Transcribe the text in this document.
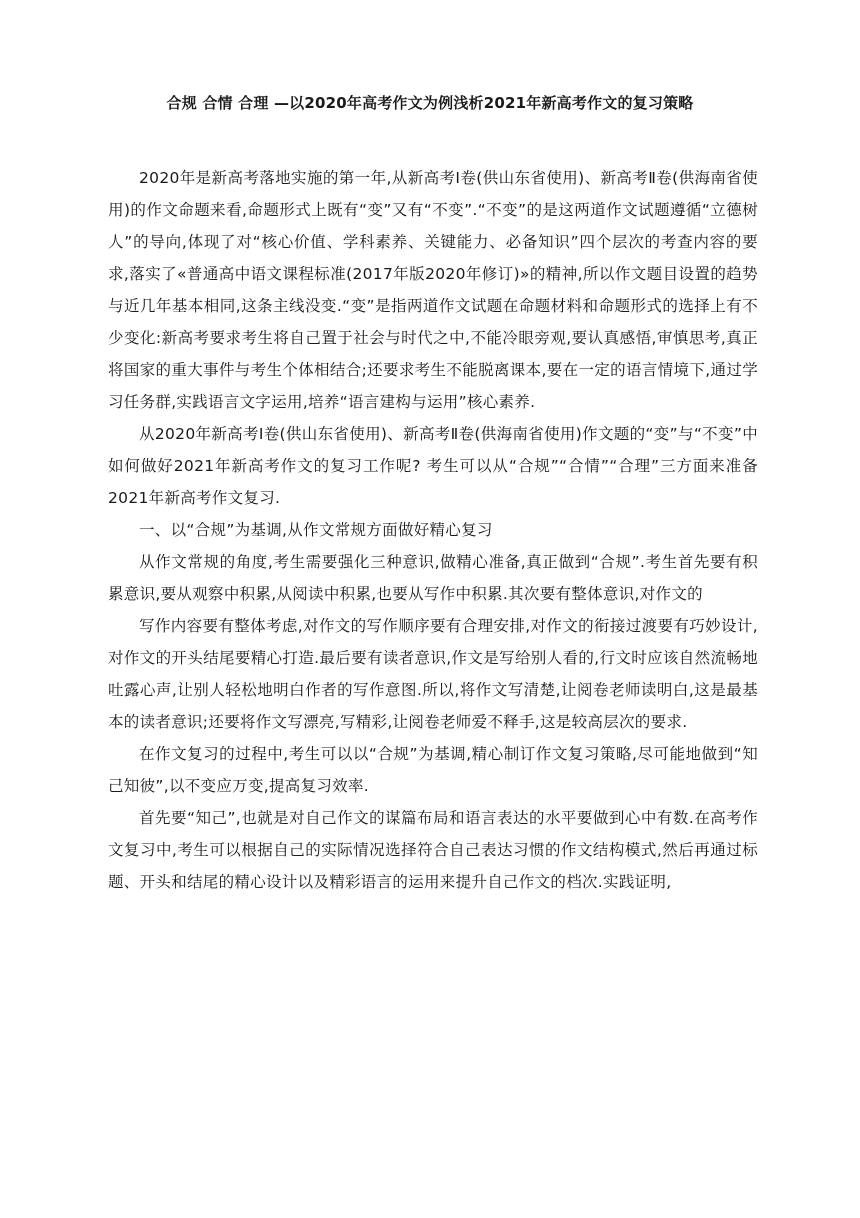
合规 合情 合理 —以2020年高考作文为例浅析2021年新高考作文的复习策略

2020年是新高考落地实施的第一年,从新高考Ⅰ卷(供山东省使用)、新高考Ⅱ卷(供海南省使用)的作文命题来看,命题形式上既有“变”又有“不变”.“不变”的是这两道作文试题遵循“立德树人”的导向,体现了对“核心价值、学科素养、关键能力、必备知识”四个层次的考查内容的要求,落实了«普通高中语文课程标准(2017年版2020年修订)»的精神,所以作文题目设置的趋势与近几年基本相同,这条主线没变.“变”是指两道作文试题在命题材料和命题形式的选择上有不少变化:新高考要求考生将自己置于社会与时代之中,不能冷眼旁观,要认真感悟,审慎思考,真正将国家的重大事件与考生个体相结合;还要求考生不能脱离课本,要在一定的语言情境下,通过学习任务群,实践语言文字运用,培养“语言建构与运用”核心素养.

从2020年新高考Ⅰ卷(供山东省使用)、新高考Ⅱ卷(供海南省使用)作文题的“变”与“不变”中如何做好2021年新高考作文的复习工作呢? 考生可以从“合规”“合情”“合理”三方面来准备2021年新高考作文复习.

一、以“合规”为基调,从作文常规方面做好精心复习

从作文常规的角度,考生需要强化三种意识,做精心准备,真正做到“合规”.考生首先要有积累意识,要从观察中积累,从阅读中积累,也要从写作中积累.其次要有整体意识,对作文的

写作内容要有整体考虑,对作文的写作顺序要有合理安排,对作文的衔接过渡要有巧妙设计,对作文的开头结尾要精心打造.最后要有读者意识,作文是写给别人看的,行文时应该自然流畅地吐露心声,让别人轻松地明白作者的写作意图.所以,将作文写清楚,让阅卷老师读明白,这是最基本的读者意识;还要将作文写漂亮,写精彩,让阅卷老师爱不释手,这是较高层次的要求.

在作文复习的过程中,考生可以以“合规”为基调,精心制订作文复习策略,尽可能地做到“知己知彼”,以不变应万变,提高复习效率.

首先要“知己”,也就是对自己作文的谋篇布局和语言表达的水平要做到心中有数.在高考作文复习中,考生可以根据自己的实际情况选择符合自己表达习惯的作文结构模式,然后再通过标题、开头和结尾的精心设计以及精彩语言的运用来提升自己作文的档次.实践证明,
